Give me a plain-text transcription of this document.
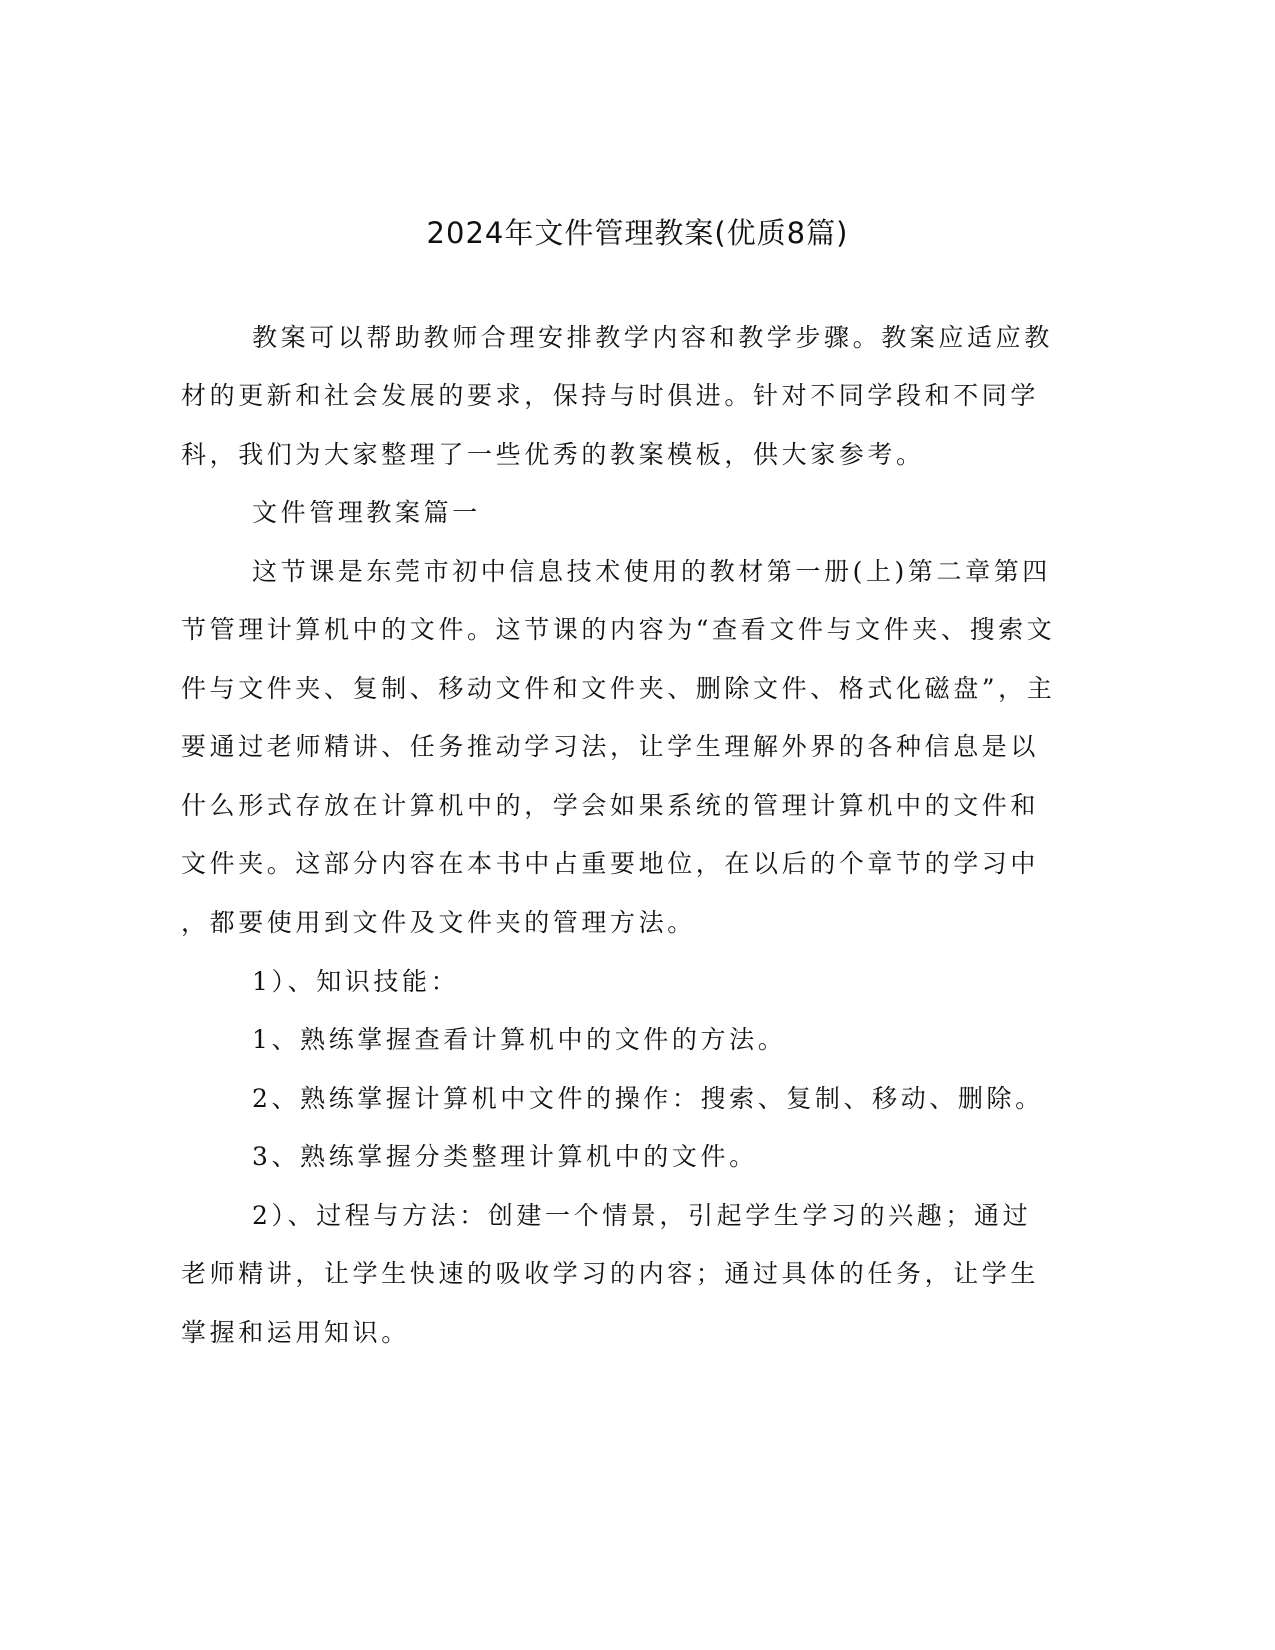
2024年文件管理教案(优质8篇)
教案可以帮助教师合理安排教学内容和教学步骤。教案应适应教
材的更新和社会发展的要求，保持与时俱进。针对不同学段和不同学
科，我们为大家整理了一些优秀的教案模板，供大家参考。
文件管理教案篇一
这节课是东莞市初中信息技术使用的教材第一册(上)第二章第四
节管理计算机中的文件。这节课的内容为“查看文件与文件夹、搜索文
件与文件夹、复制、移动文件和文件夹、删除文件、格式化磁盘”，主
要通过老师精讲、任务推动学习法，让学生理解外界的各种信息是以
什么形式存放在计算机中的，学会如果系统的管理计算机中的文件和
文件夹。这部分内容在本书中占重要地位，在以后的个章节的学习中
，都要使用到文件及文件夹的管理方法。
1）、知识技能：
1、熟练掌握查看计算机中的文件的方法。
2、熟练掌握计算机中文件的操作：搜索、复制、移动、删除。
3、熟练掌握分类整理计算机中的文件。
2）、过程与方法：创建一个情景，引起学生学习的兴趣；通过
老师精讲，让学生快速的吸收学习的内容；通过具体的任务，让学生
掌握和运用知识。
